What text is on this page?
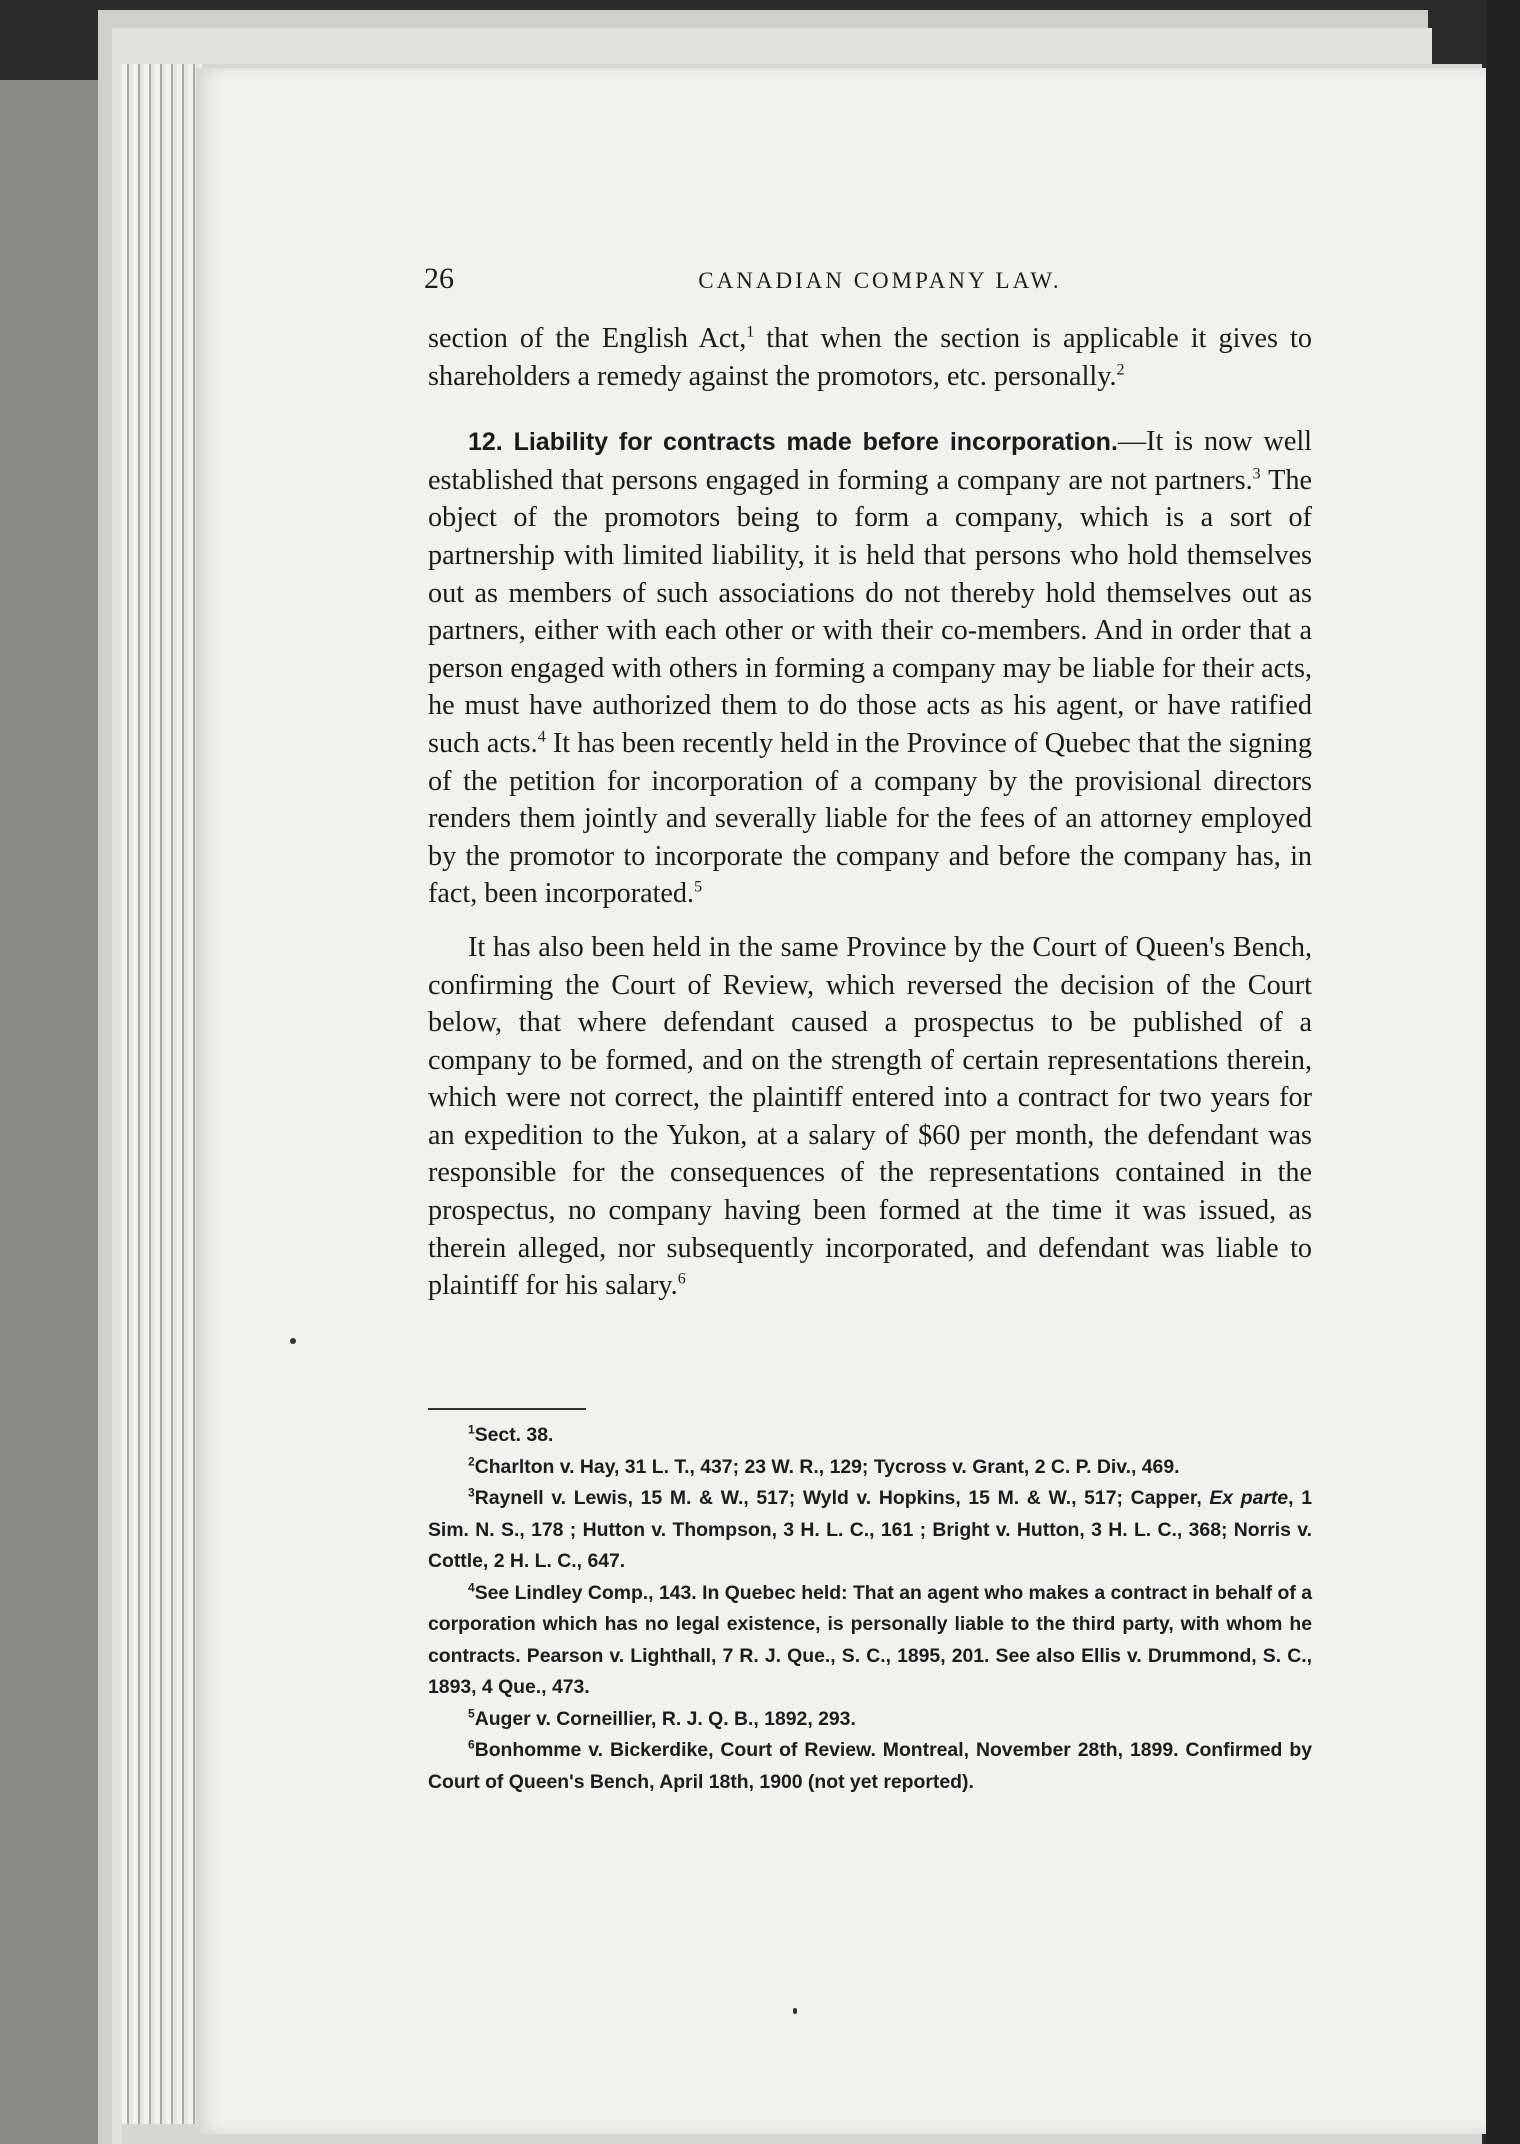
26	CANADIAN COMPANY LAW.

section of the English Act,$^1$ that when the section is applicable it gives to shareholders a remedy against the promotors, etc. personally.$^2$

12. Liability for contracts made before incorporation.—It is now well established that persons engaged in forming a company are not partners.$^3$ The object of the promotors being to form a company, which is a sort of partnership with limited liability, it is held that persons who hold themselves out as members of such associations do not thereby hold themselves out as partners, either with each other or with their co-members. And in order that a person engaged with others in forming a company may be liable for their acts, he must have authorized them to do those acts as his agent, or have ratified such acts.$^4$ It has been recently held in the Province of Quebec that the signing of the petition for incorporation of a company by the provisional directors renders them jointly and severally liable for the fees of an attorney employed by the promotor to incorporate the company and before the company has, in fact, been incorporated.$^5$

It has also been held in the same Province by the Court of Queen's Bench, confirming the Court of Review, which reversed the decision of the Court below, that where defendant caused a prospectus to be published of a company to be formed, and on the strength of certain representations therein, which were not correct, the plaintiff entered into a contract for two years for an expedition to the Yukon, at a salary of $60 per month, the defendant was responsible for the consequences of the representations contained in the prospectus, no company having been formed at the time it was issued, as therein alleged, nor subsequently incorporated, and defendant was liable to plaintiff for his salary.$^6$

$^1$Sect. 38.

$^2$Charlton v. Hay, 31 L. T., 437; 23 W. R., 129; Tycross v. Grant, 2 C. P. Div., 469.

$^3$Raynell v. Lewis, 15 M. & W., 517; Wyld v. Hopkins, 15 M. & W., 517; Capper, Ex parte, 1 Sim. N. S., 178 ; Hutton v. Thompson, 3 H. L. C., 161 ; Bright v. Hutton, 3 H. L. C., 368; Norris v. Cottle, 2 H. L. C., 647.

$^4$See Lindley Comp., 143. In Quebec held: That an agent who makes a contract in behalf of a corporation which has no legal existence, is personally liable to the third party, with whom he contracts. Pearson v. Lighthall, 7 R. J. Que., S. C., 1895, 201. See also Ellis v. Drummond, S. C., 1893, 4 Que., 473.

$^5$Auger v. Corneillier, R. J. Q. B., 1892, 293.

$^6$Bonhomme v. Bickerdike, Court of Review. Montreal, November 28th, 1899. Confirmed by Court of Queen's Bench, April 18th, 1900 (not yet reported).
